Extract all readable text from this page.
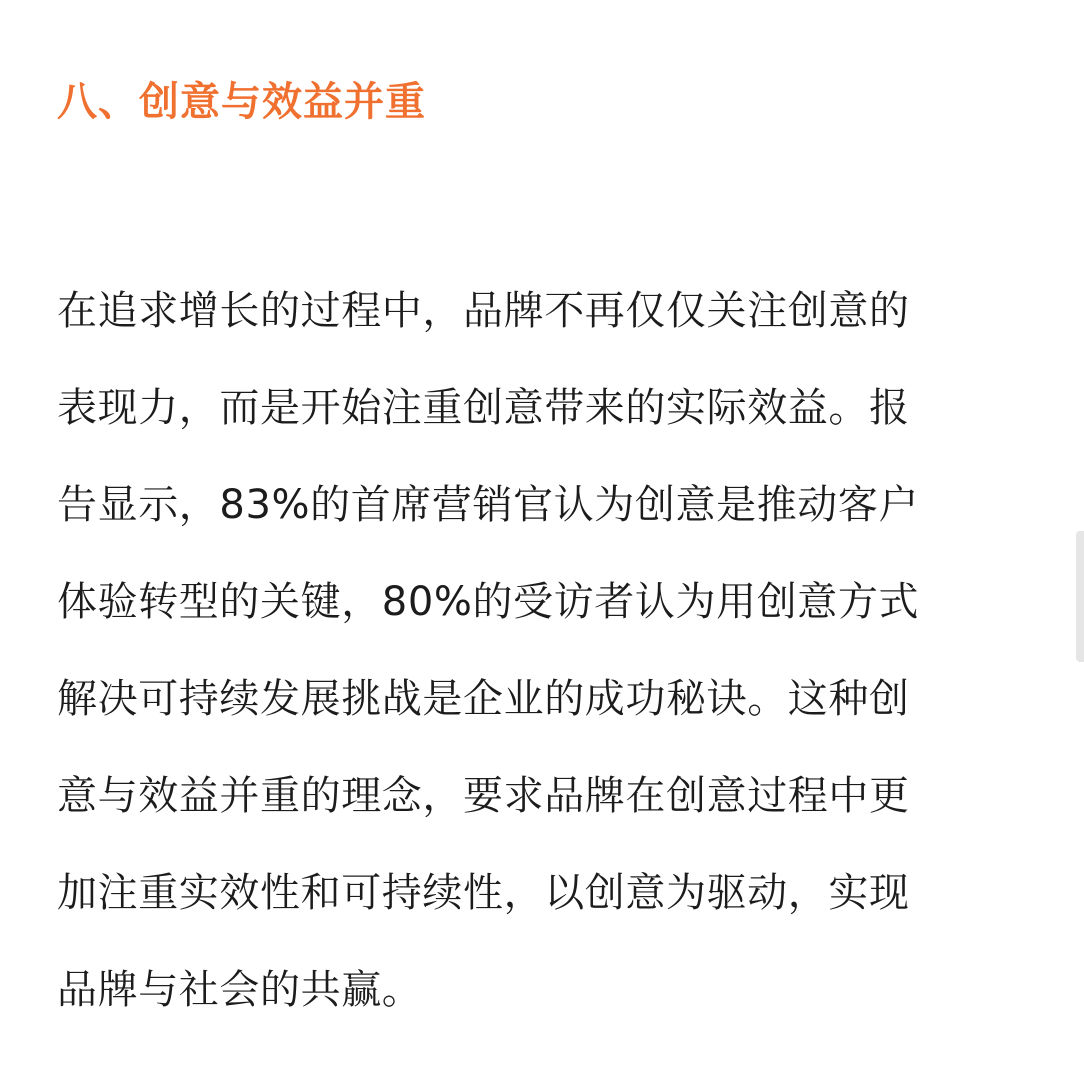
八、创意与效益并重

在追求增长的过程中，品牌不再仅仅关注创意的
表现力，而是开始注重创意带来的实际效益。报
告显示，83%的首席营销官认为创意是推动客户
体验转型的关键，80%的受访者认为用创意方式
解决可持续发展挑战是企业的成功秘诀。这种创
意与效益并重的理念，要求品牌在创意过程中更
加注重实效性和可持续性，以创意为驱动，实现
品牌与社会的共赢。
